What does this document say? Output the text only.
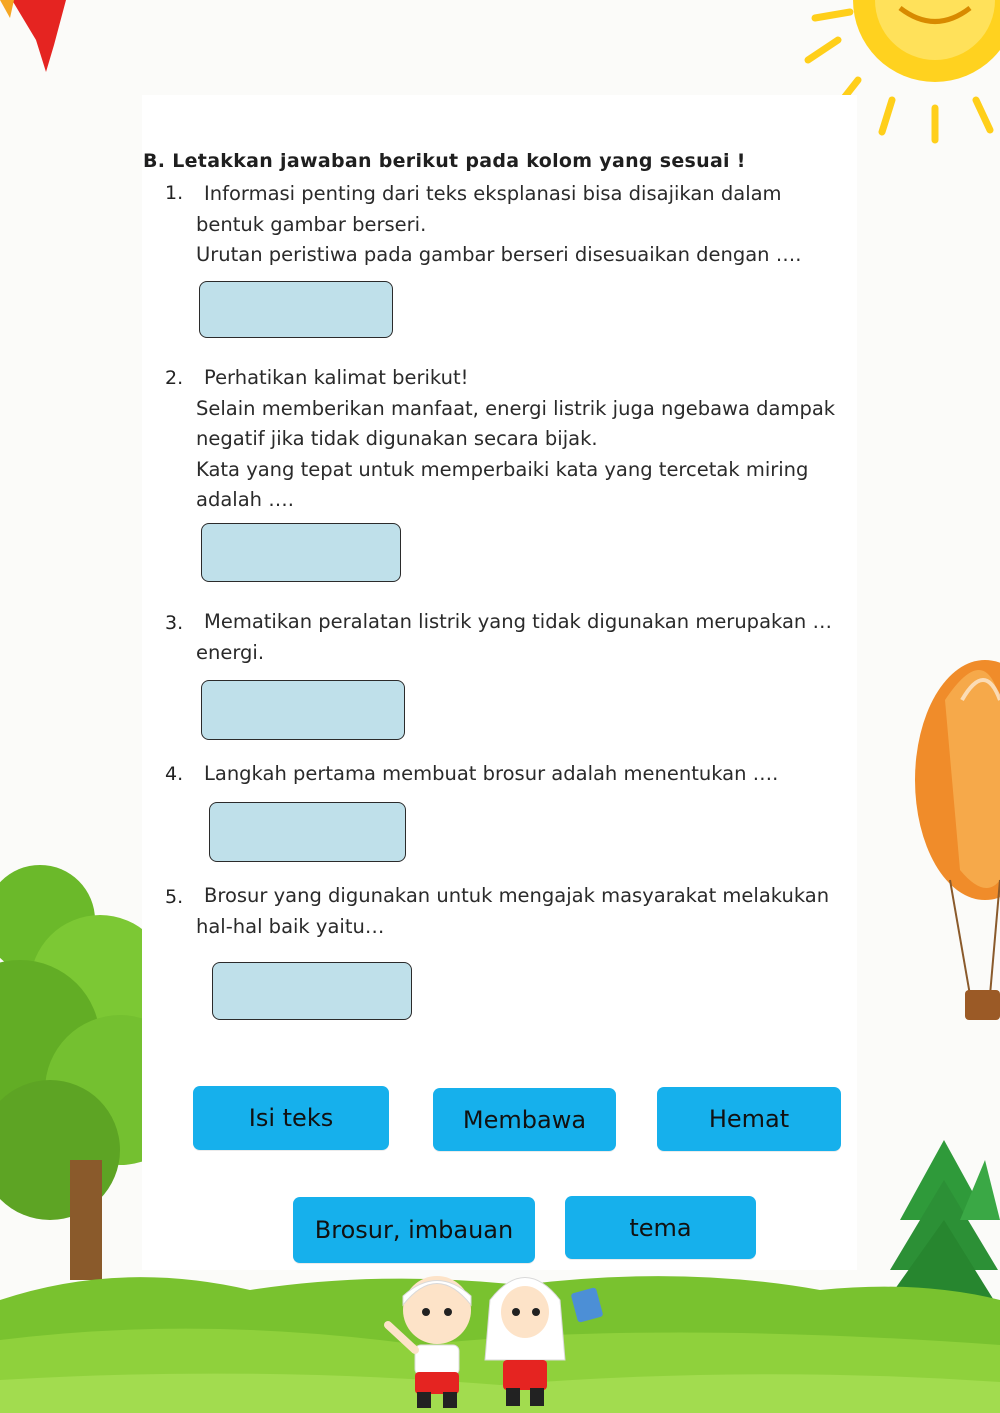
B. Letakkan jawaban berikut pada kolom yang sesuai !
1. Informasi penting dari teks eksplanasi bisa disajikan dalam
bentuk gambar berseri.
Urutan peristiwa pada gambar berseri disesuaikan dengan ….
2. Perhatikan kalimat berikut!
Selain memberikan manfaat, energi listrik juga ngebawa dampak
negatif jika tidak digunakan secara bijak.
Kata yang tepat untuk memperbaiki kata yang tercetak miring
adalah ….
3. Mematikan peralatan listrik yang tidak digunakan merupakan …
energi.
4. Langkah pertama membuat brosur adalah menentukan ….
5. Brosur yang digunakan untuk mengajak masyarakat melakukan
hal-hal baik yaitu…
Isi teks	Membawa	Hemat
Brosur, imbauan	tema
